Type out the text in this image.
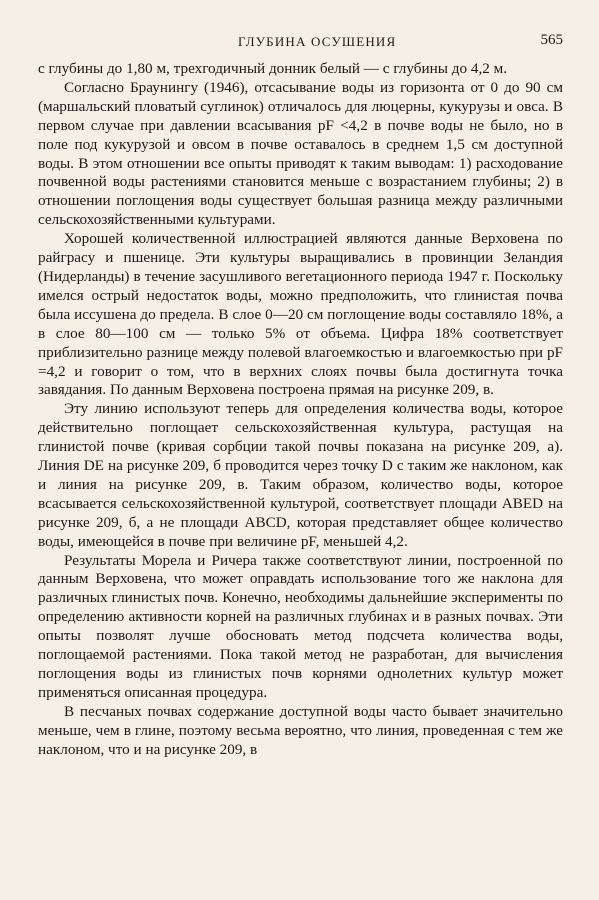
ГЛУБИНА ОСУШЕНИЯ	565

с глубины до 1,80 м, трехгодичный донник белый — с глубины до 4,2 м.

Согласно Браунингу (1946), отсасывание воды из горизонта от 0 до 90 см (маршальский пловатый суглинок) отличалось для люцерны, кукурузы и овса. В первом случае при давлении всасывания pF <4,2 в почве воды не было, но в поле под кукурузой и овсом в почве оставалось в среднем 1,5 см доступной воды. В этом отношении все опыты приводят к таким выводам: 1) расходование почвенной воды растениями становится меньше с возрастанием глубины; 2) в отношении поглощения воды существует большая разница между различными сельскохозяйственными культурами.

Хорошей количественной иллюстрацией являются данные Верховена по райграсу и пшенице. Эти культуры выращивались в провинции Зеландия (Нидерланды) в течение засушливого вегетационного периода 1947 г. Поскольку имелся острый недостаток воды, можно предположить, что глинистая почва была иссушена до предела. В слое 0—20 см поглощение воды составляло 18%, а в слое 80—100 см — только 5% от объема. Цифра 18% соответствует приблизительно разнице между полевой влагоемкостью и влагоемкостью при pF =4,2 и говорит о том, что в верхних слоях почвы была достигнута точка завядания. По данным Верховена построена прямая на рисунке 209, в.

Эту линию используют теперь для определения количества воды, которое действительно поглощает сельскохозяйственная культура, растущая на глинистой почве (кривая сорбции такой почвы показана на рисунке 209, а). Линия DE на рисунке 209, б проводится через точку D с таким же наклоном, как и линия на рисунке 209, в. Таким образом, количество воды, которое всасывается сельскохозяйственной культурой, соответствует площади ABED на рисунке 209, б, а не площади ABCD, которая представляет общее количество воды, имеющейся в почве при величине pF, меньшей 4,2.

Результаты Морела и Ричера также соответствуют линии, построенной по данным Верховена, что может оправдать использование того же наклона для различных глинистых почв. Конечно, необходимы дальнейшие эксперименты по определению активности корней на различных глубинах и в разных почвах. Эти опыты позволят лучше обосновать метод подсчета количества воды, поглощаемой растениями. Пока такой метод не разработан, для вычисления поглощения воды из глинистых почв корнями однолетних культур может применяться описанная процедура.

В песчаных почвах содержание доступной воды часто бывает значительно меньше, чем в глине, поэтому весьма вероятно, что линия, проведенная с тем же наклоном, что и на рисунке 209, в
